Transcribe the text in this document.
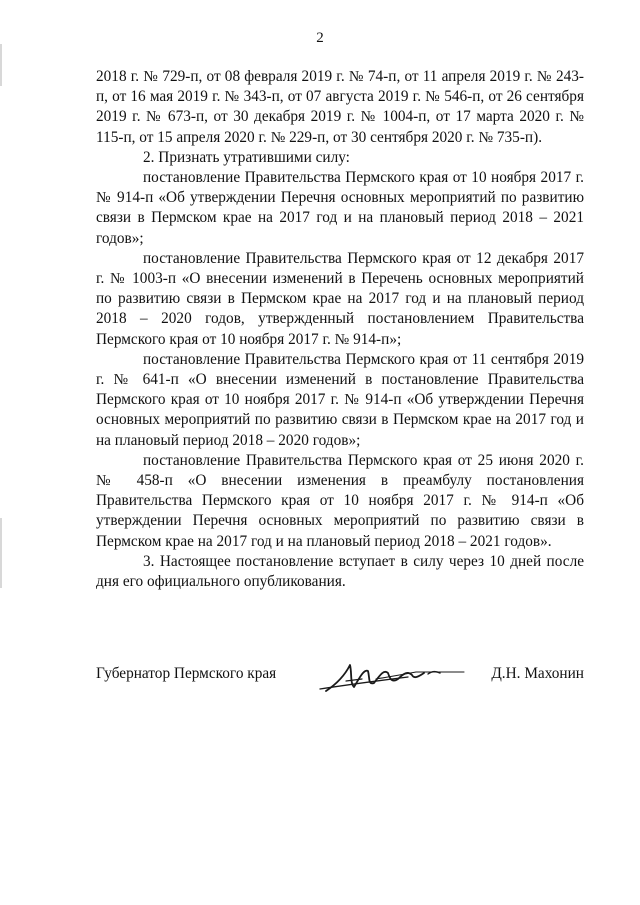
2

2018 г. № 729-п, от 08 февраля 2019 г. № 74-п, от 11 апреля 2019 г. № 243-п, от 16 мая 2019 г. № 343-п, от 07 августа 2019 г. № 546-п, от 26 сентября 2019 г. № 673-п, от 30 декабря 2019 г. № 1004-п, от 17 марта 2020 г. № 115-п, от 15 апреля 2020 г. № 229-п, от 30 сентября 2020 г. № 735-п).

2. Признать утратившими силу:

постановление Правительства Пермского края от 10 ноября 2017 г. № 914-п «Об утверждении Перечня основных мероприятий по развитию связи в Пермском крае на 2017 год и на плановый период 2018 – 2021 годов»;

постановление Правительства Пермского края от 12 декабря 2017 г. № 1003-п «О внесении изменений в Перечень основных мероприятий по развитию связи в Пермском крае на 2017 год и на плановый период 2018 – 2020 годов, утвержденный постановлением Правительства Пермского края от 10 ноября 2017 г. № 914-п»;

постановление Правительства Пермского края от 11 сентября 2019 г. № 641-п «О внесении изменений в постановление Правительства Пермского края от 10 ноября 2017 г. № 914-п «Об утверждении Перечня основных мероприятий по развитию связи в Пермском крае на 2017 год и на плановый период 2018 – 2020 годов»;

постановление Правительства Пермского края от 25 июня 2020 г. № 458-п «О внесении изменения в преамбулу постановления Правительства Пермского края от 10 ноября 2017 г. № 914-п «Об утверждении Перечня основных мероприятий по развитию связи в Пермском крае на 2017 год и на плановый период 2018 – 2021 годов».

3. Настоящее постановление вступает в силу через 10 дней после дня его официального опубликования.

Губернатор Пермского края	Д.Н. Махонин
